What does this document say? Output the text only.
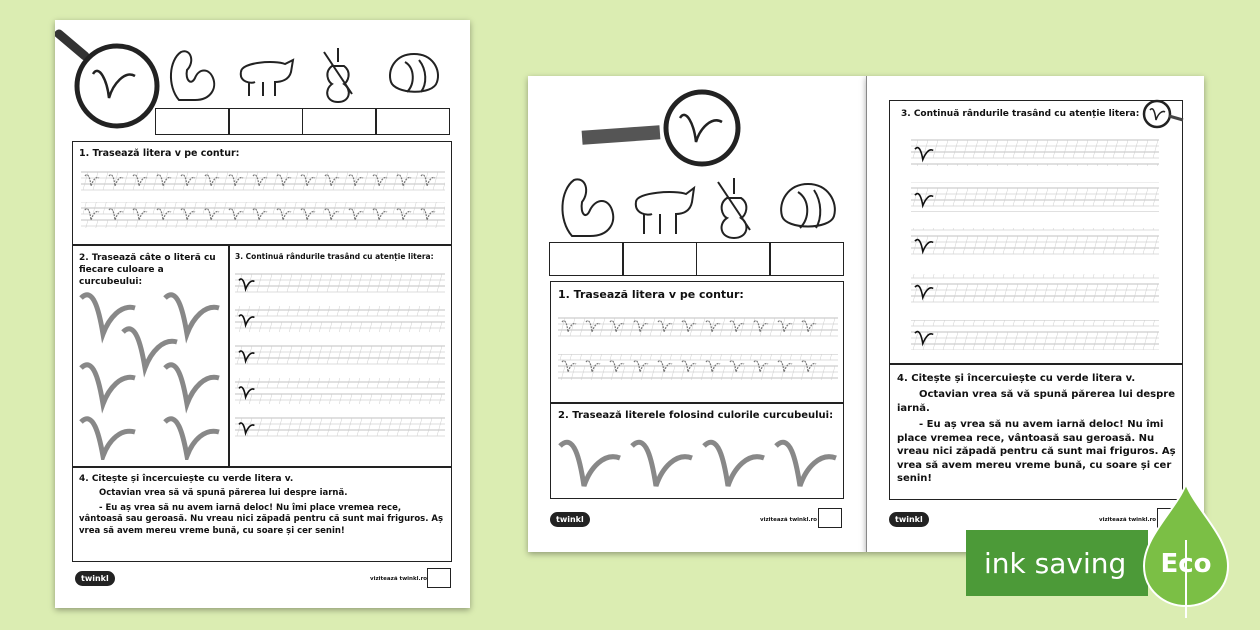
1. Trasează litera v pe contur:
2. Trasează câte o literă cu fiecare culoare a curcubeului:
3. Continuă rândurile trasând cu atenție litera:
4. Citește și încercuiește cu verde litera v.
Octavian vrea să vă spună părerea lui despre iarnă.
- Eu aș vrea să nu avem iarnă deloc! Nu îmi place vremea rece, vântoasă sau geroasă. Nu vreau nici zăpadă pentru că sunt mai friguros. Aș vrea să avem mereu vreme bună, cu soare și cer senin!
twinkl	vizitează twinkl.ro
1. Trasează litera v pe contur:
2. Trasează literele folosind culorile curcubeului:
twinkl	vizitează twinkl.ro
3. Continuă rândurile trasând cu atenție litera:
4. Citește și încercuiește cu verde litera v.
Octavian vrea să vă spună părerea lui despre iarnă.
- Eu aș vrea să nu avem iarnă deloc! Nu îmi place vremea rece, vântoasă sau geroasă. Nu vreau nici zăpadă pentru că sunt mai friguros. Aș vrea să avem mereu vreme bună, cu soare și cer senin!
twinkl	vizitează twinkl.ro
ink saving Eco
